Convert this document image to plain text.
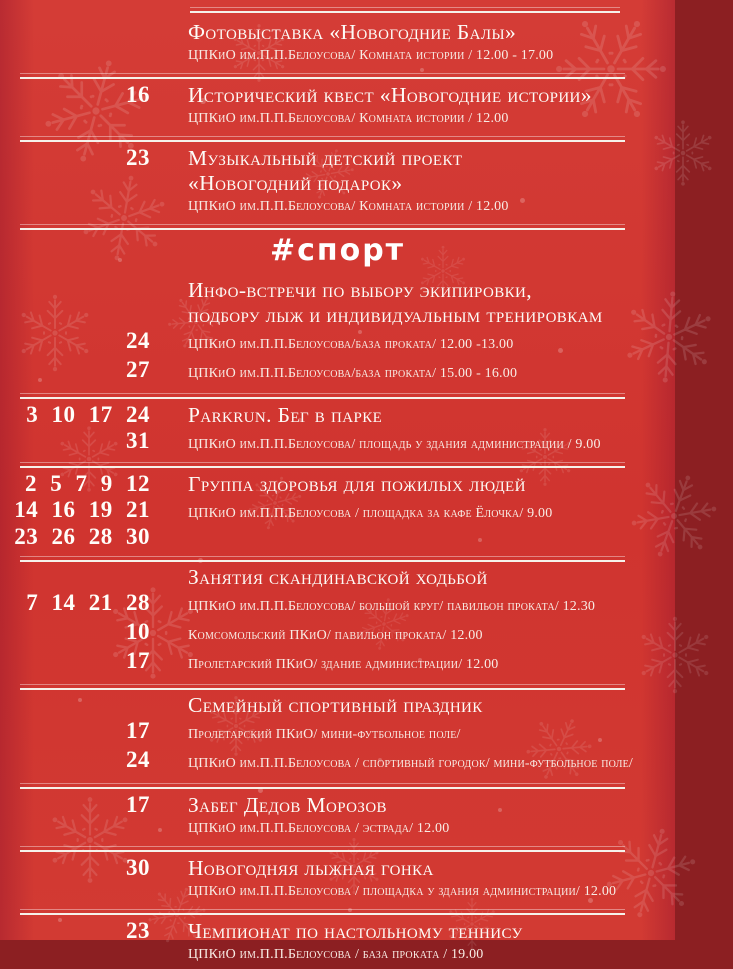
Фотовыставка «Новогодние Балы»
ЦПКиО им.П.П.Белоусова/ Комната истории / 12.00 - 17.00
16 Исторический квест «Новогодние истории»
ЦПКиО им.П.П.Белоусова/ Комната истории / 12.00
23 Музыкальный детский проект
«Новогодний подарок»
ЦПКиО им.П.П.Белоусова/ Комната истории / 12.00
#спорт
Инфо-встречи по выбору экипировки,
подбору лыж и индивидуальным тренировкам
24	ЦПКиО им.П.П.Белоусова/база проката/ 12.00 -13.00
27	ЦПКиО им.П.П.Белоусова/база проката/ 15.00 - 16.00
3 10 17 24 Parkrun. Бег в парке
31	ЦПКиО им.П.П.Белоусова/ площадь у здания администрации / 9.00
2 5 7 9 12 Группа здоровья для пожилых людей
14 16 19 21	ЦПКиО им.П.П.Белоусова / площадка за кафе Ёлочка/ 9.00
23 26 28 30
Занятия скандинавской ходьбой
7 14 21 28	ЦПКиО им.П.П.Белоусова/ большой круг/ павильон проката/ 12.30
10	Комсомольский ПКиО/ павильон проката/ 12.00
17	Пролетарский ПКиО/ здание администрации/ 12.00
Семейный спортивный праздник
17	Пролетарский ПКиО/ мини-футбольное поле/
24	ЦПКиО им.П.П.Белоусова / спортивный городок/ мини-футбольное поле/
17 Забег Дедов Морозов
ЦПКиО им.П.П.Белоусова / эстрада/ 12.00
30 Новогодняя лыжная гонка
ЦПКиО им.П.П.Белоусова / площадка у здания администрации/ 12.00
23 Чемпионат по настольному теннису
ЦПКиО им.П.П.Белоусова / база проката / 19.00
